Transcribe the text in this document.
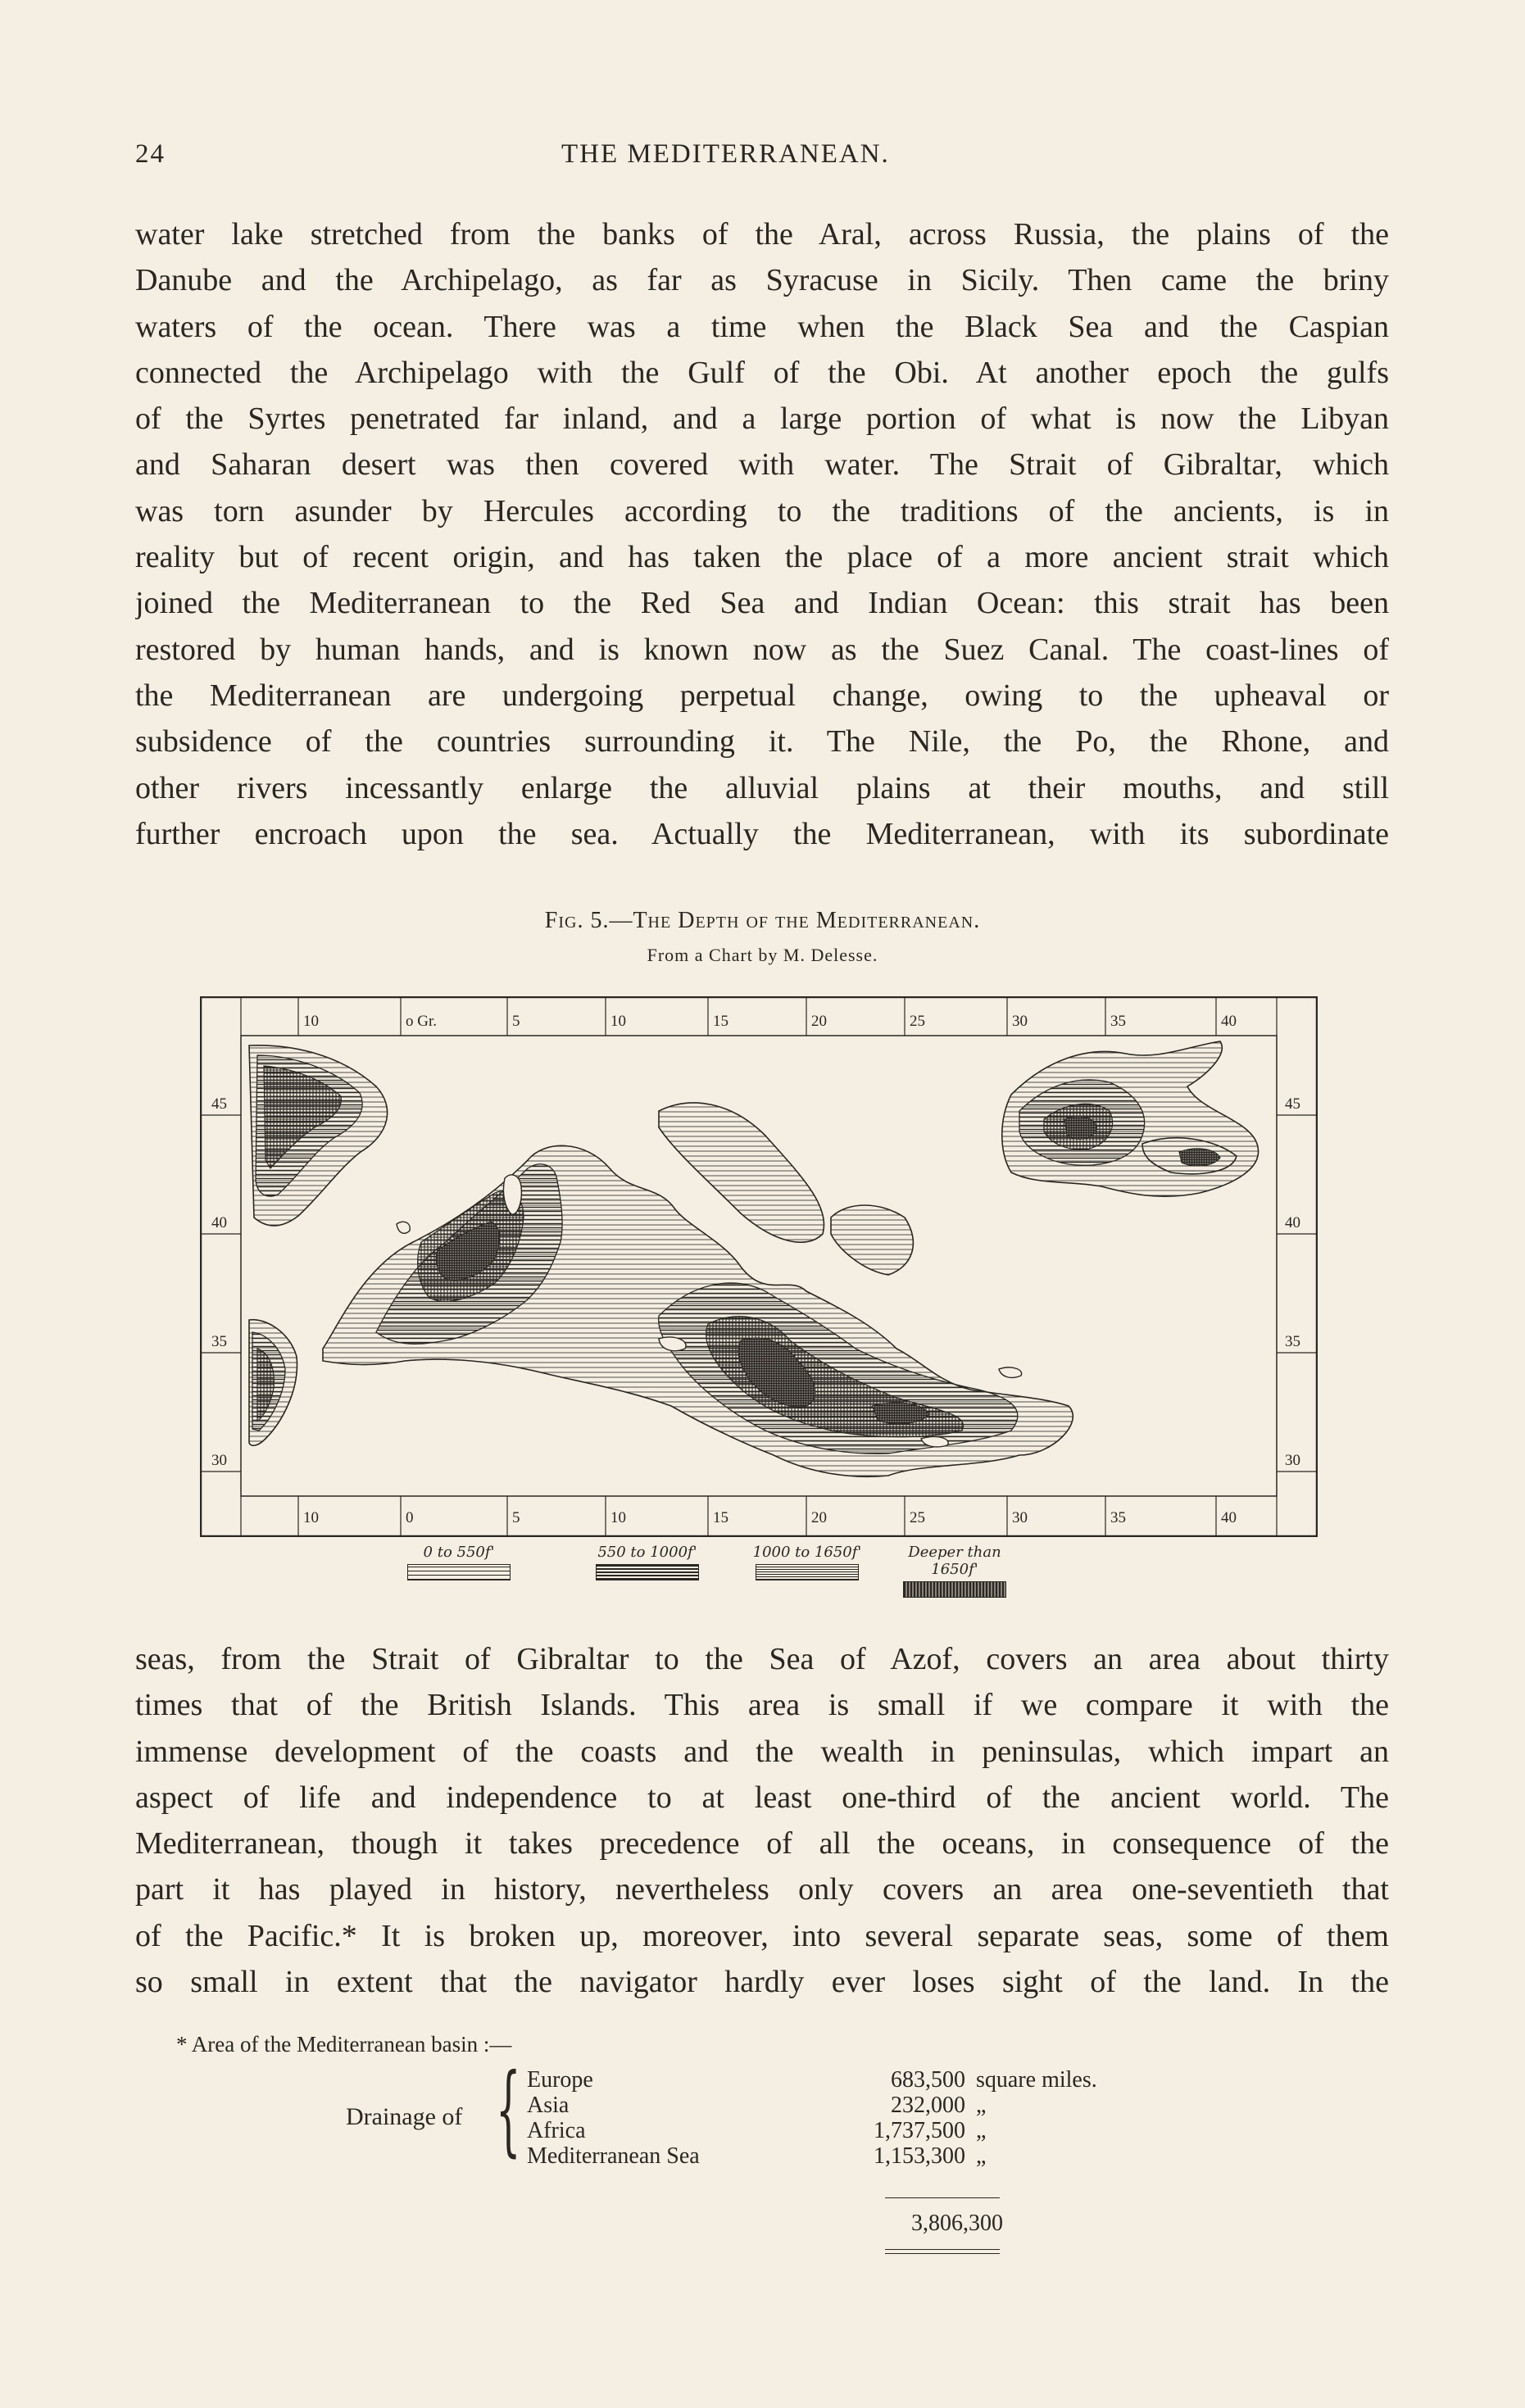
24	THE MEDITERRANEAN.
water lake stretched from the banks of the Aral, across Russia, the plains of the
Danube and the Archipelago, as far as Syracuse in Sicily. Then came the briny
waters of the ocean. There was a time when the Black Sea and the Caspian
connected the Archipelago with the Gulf of the Obi. At another epoch the gulfs
of the Syrtes penetrated far inland, and a large portion of what is now the Libyan
and Saharan desert was then covered with water. The Strait of Gibraltar, which
was torn asunder by Hercules according to the traditions of the ancients, is in
reality but of recent origin, and has taken the place of a more ancient strait which
joined the Mediterranean to the Red Sea and Indian Ocean: this strait has been
restored by human hands, and is known now as the Suez Canal. The coast-lines of
the Mediterranean are undergoing perpetual change, owing to the upheaval or
subsidence of the countries surrounding it. The Nile, the Po, the Rhone, and
other rivers incessantly enlarge the alluvial plains at their mouths, and still
further encroach upon the sea. Actually the Mediterranean, with its subordinate
Fig. 5.—The Depth of the Mediterranean.
From a Chart by M. Delesse.
10
10
o Gr.
0
5
5
10
10
15
15
20
20
25
25
30
30
35
35
40
40
45	45
40	40
35	35
30	30
0 to 550f'	550 to 1000f'	1000 to 1650f'	Deeper than 1650f'
seas, from the Strait of Gibraltar to the Sea of Azof, covers an area about thirty
times that of the British Islands. This area is small if we compare it with the
immense development of the coasts and the wealth in peninsulas, which impart an
aspect of life and independence to at least one-third of the ancient world. The
Mediterranean, though it takes precedence of all the oceans, in consequence of the
part it has played in history, nevertheless only covers an area one-seventieth that
of the Pacific.* It is broken up, moreover, into several separate seas, some of them
so small in extent that the navigator hardly ever loses sight of the land. In the
* Area of the Mediterranean basin :—
Drainage of { Europe	683,500 square miles.
Asia	232,000 „
Africa	1,737,500 „
Mediterranean Sea	1,153,300 „
3,806,300
